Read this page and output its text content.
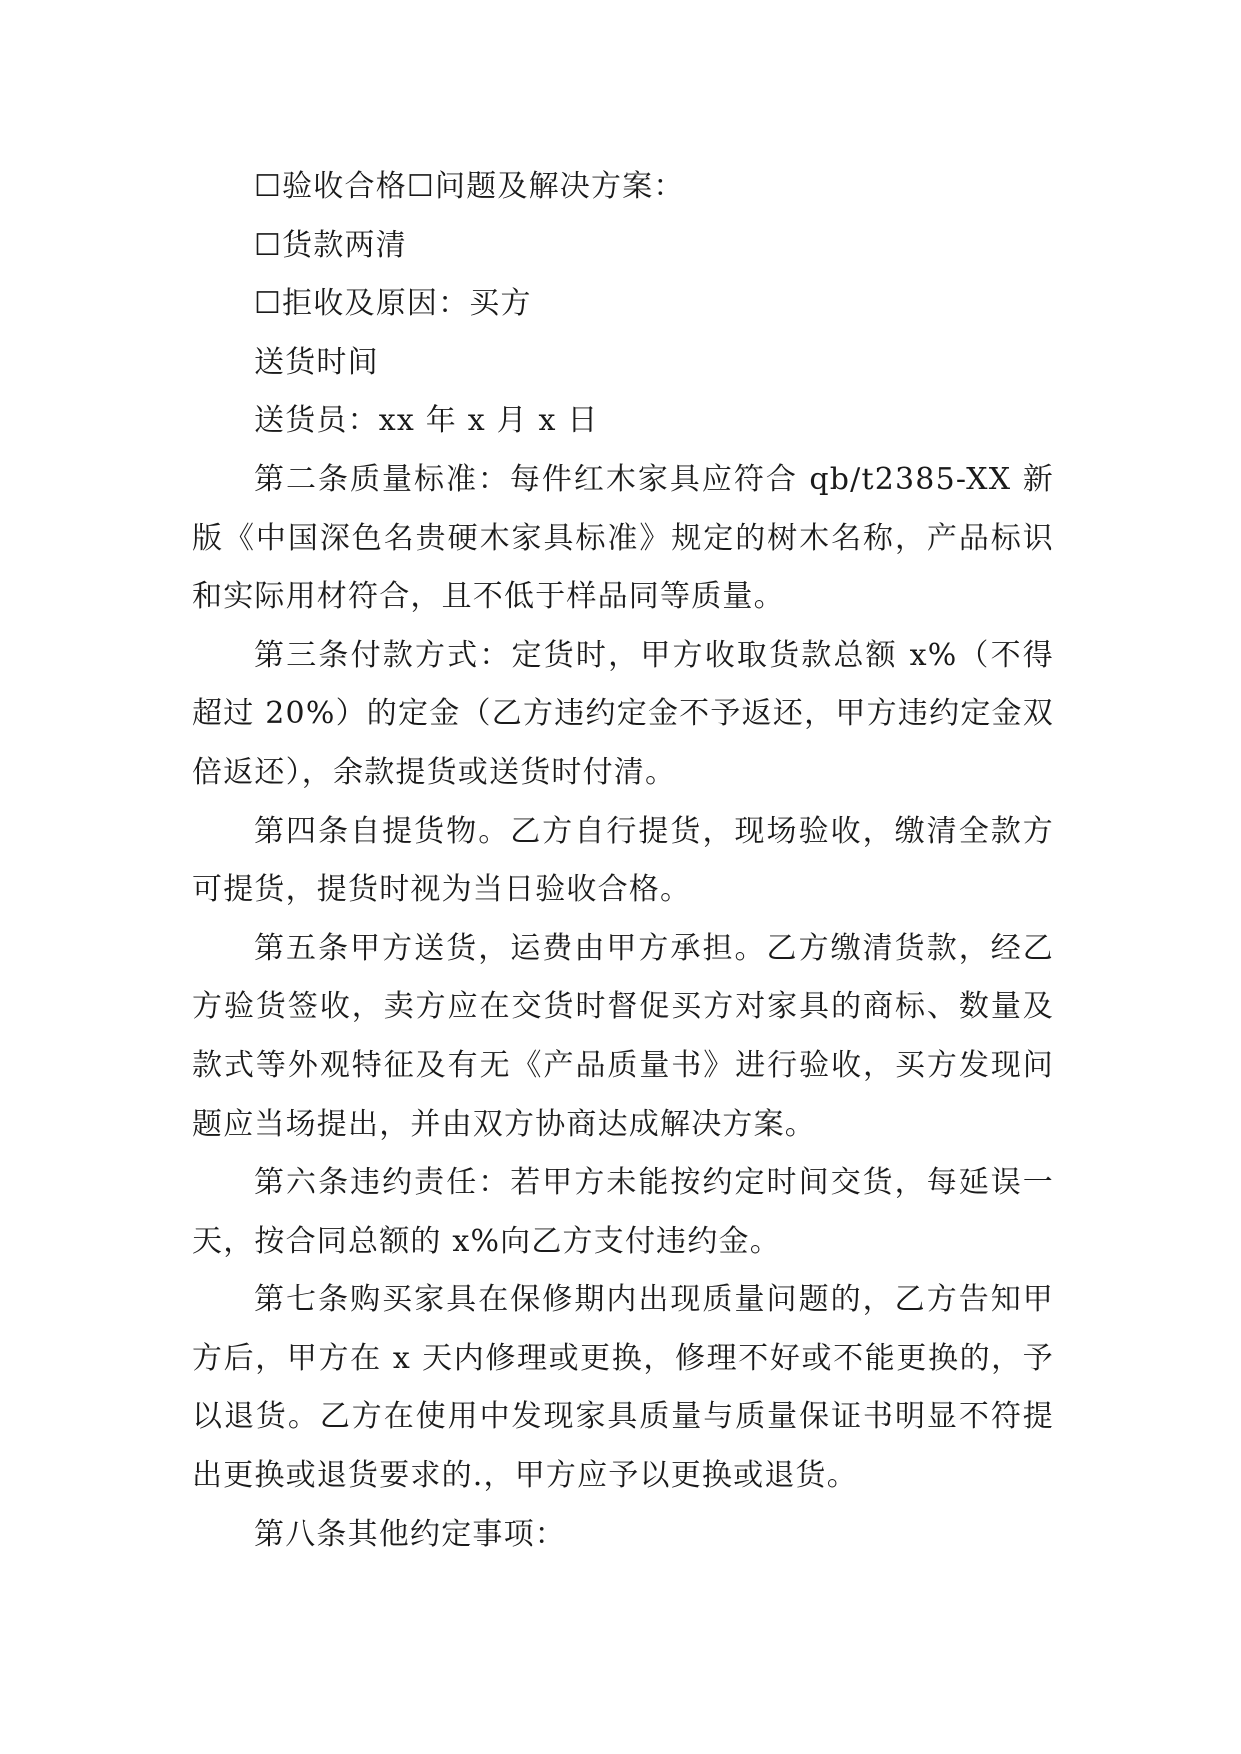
☐验收合格☐问题及解决方案：

☐货款两清

☐拒收及原因：买方

送货时间

送货员：xx 年 x 月 x 日

第二条质量标准：每件红木家具应符合 qb/t2385-XX 新版《中国深色名贵硬木家具标准》规定的树木名称，产品标识和实际用材符合，且不低于样品同等质量。

第三条付款方式：定货时，甲方收取货款总额 x%（不得超过 20%）的定金（乙方违约定金不予返还，甲方违约定金双倍返还），余款提货或送货时付清。

第四条自提货物。乙方自行提货，现场验收，缴清全款方可提货，提货时视为当日验收合格。

第五条甲方送货，运费由甲方承担。乙方缴清货款，经乙方验货签收，卖方应在交货时督促买方对家具的商标、数量及款式等外观特征及有无《产品质量书》进行验收，买方发现问题应当场提出，并由双方协商达成解决方案。

第六条违约责任：若甲方未能按约定时间交货，每延误一天，按合同总额的 x%向乙方支付违约金。

第七条购买家具在保修期内出现质量问题的，乙方告知甲方后，甲方在 x 天内修理或更换，修理不好或不能更换的，予以退货。乙方在使用中发现家具质量与质量保证书明显不符提出更换或退货要求的.，甲方应予以更换或退货。

第八条其他约定事项：
